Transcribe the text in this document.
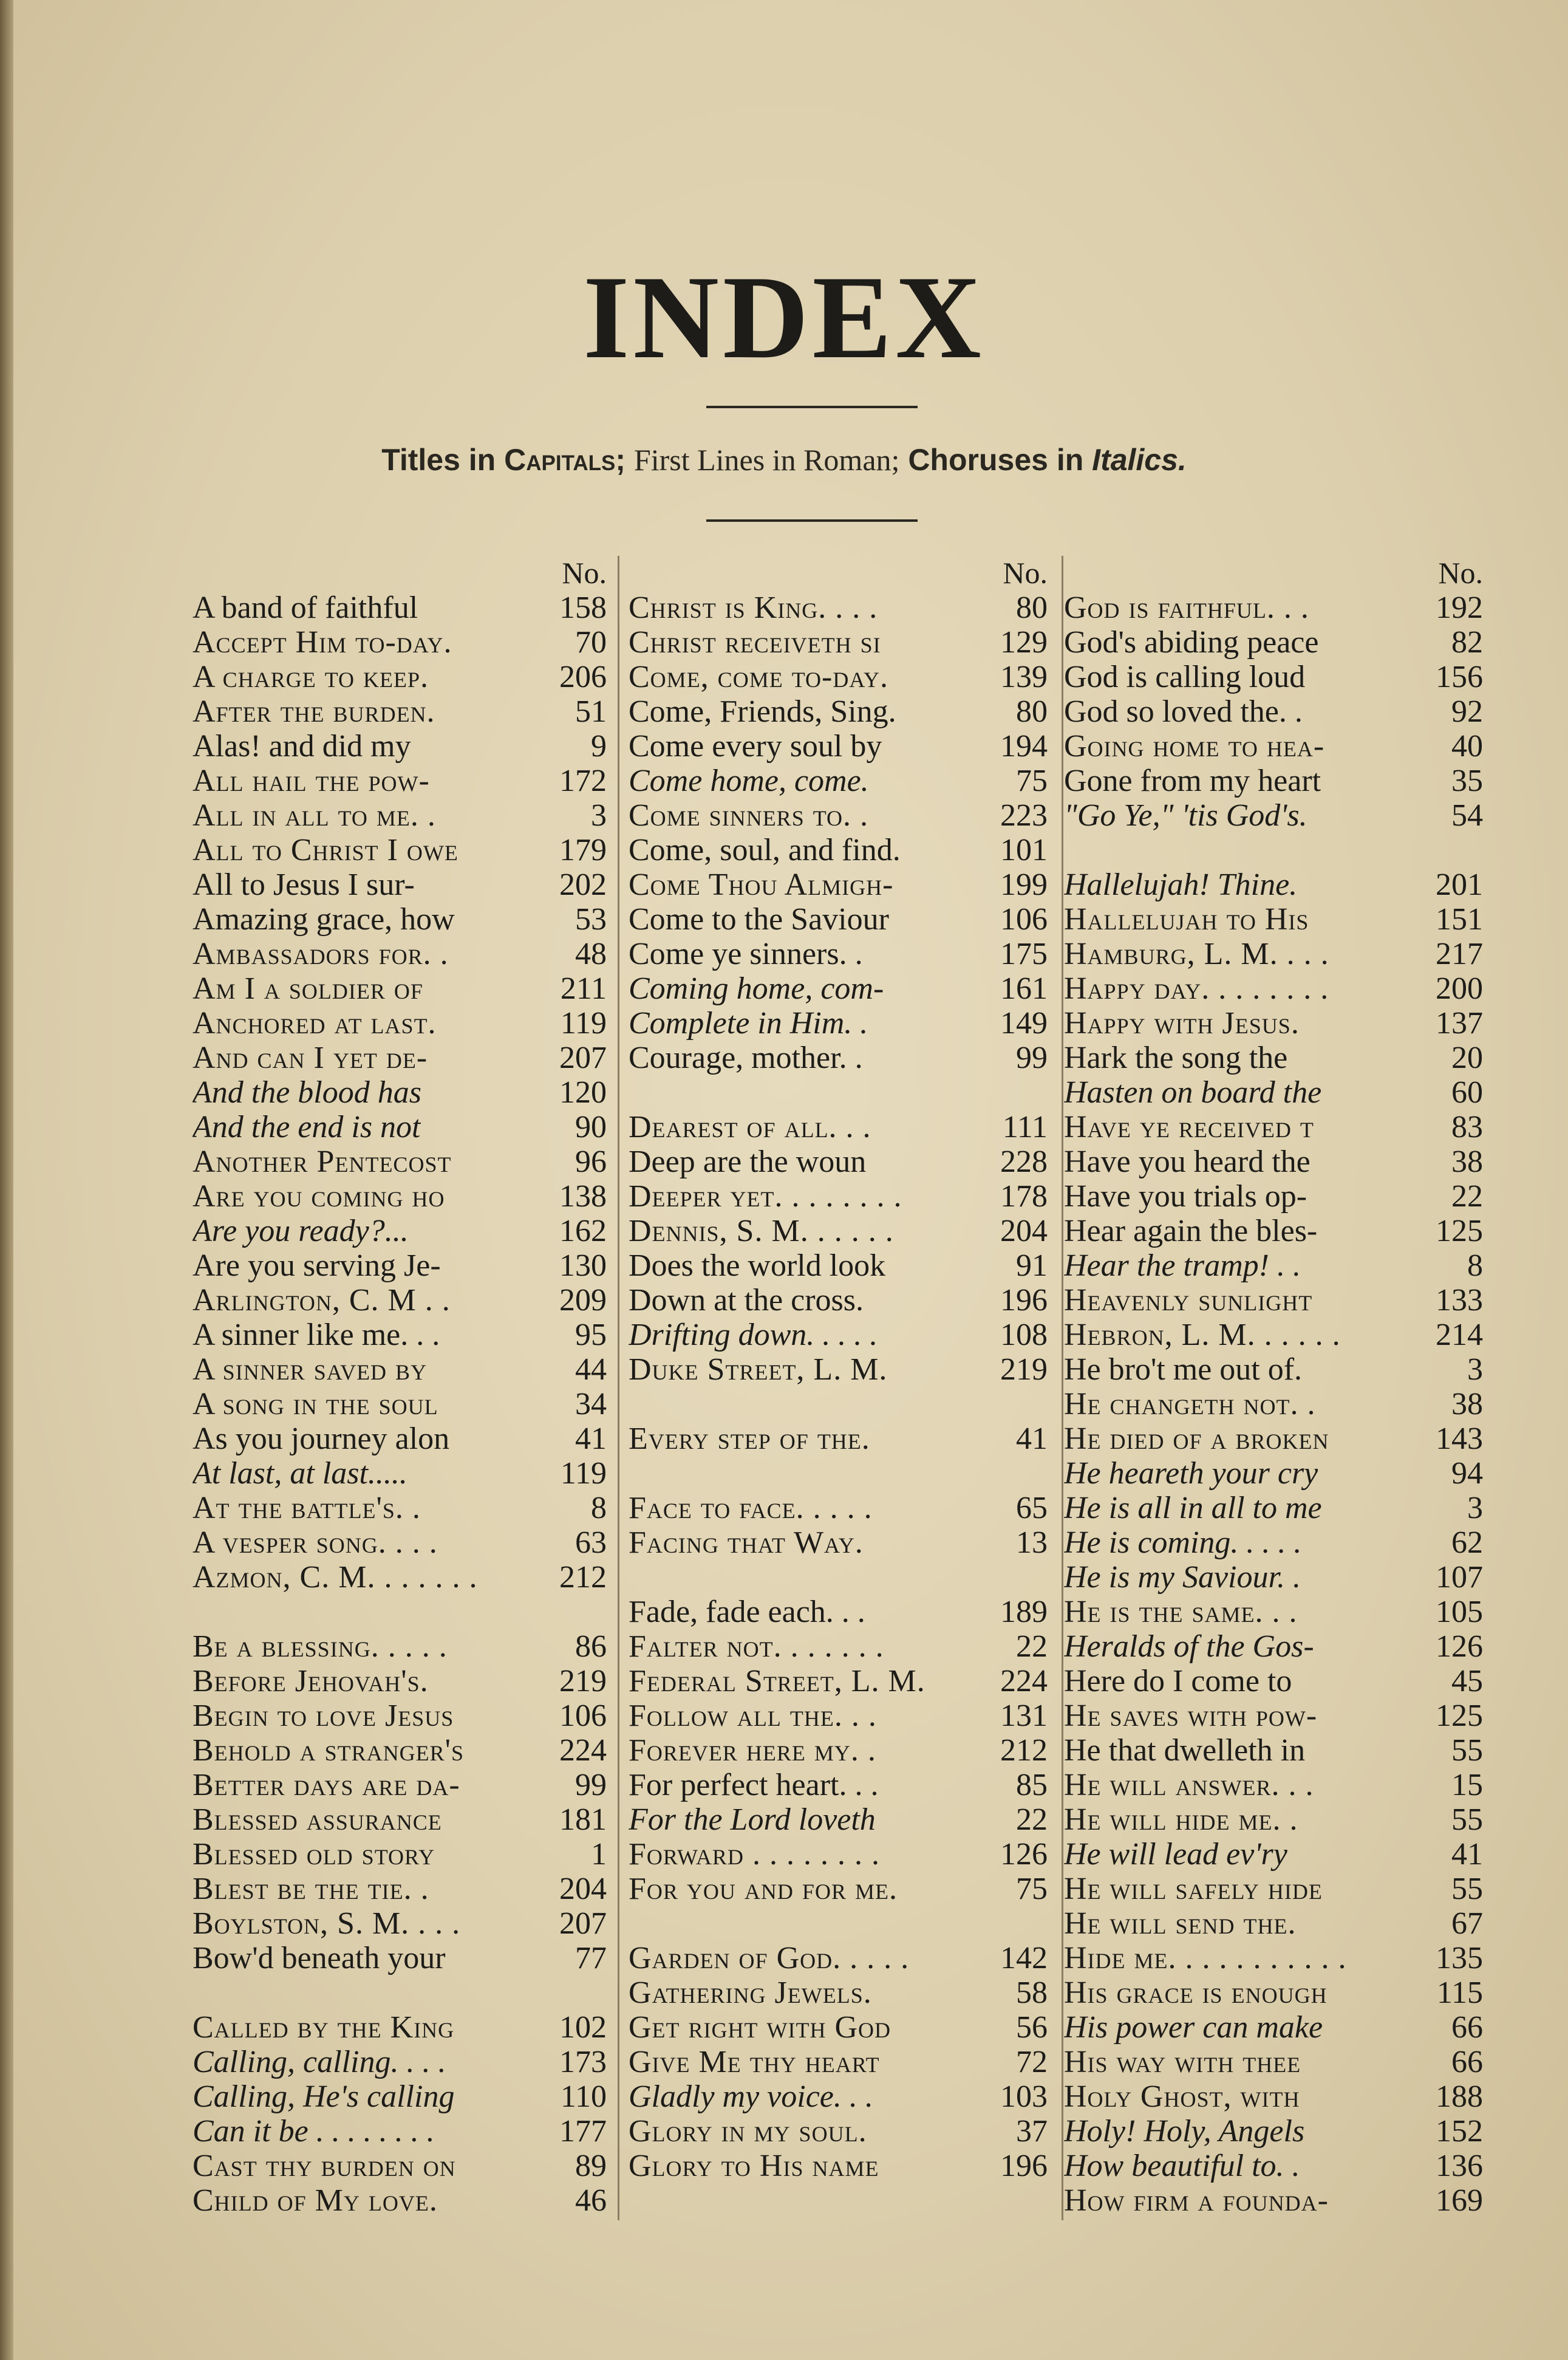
INDEX
Titles in Capitals; First Lines in Roman; Choruses in Italics.
No.
A band of faithful	158
Accept Him to-day.	70
A charge to keep.	206
After the burden.	51
Alas! and did my	9
All hail the pow-	172
All in all to me. .	3
All to Christ I owe	179
All to Jesus I sur-	202
Amazing grace, how	53
Ambassadors for. .	48
Am I a soldier of	211
Anchored at last.	119
And can I yet de-	207
And the blood has	120
And the end is not	90
Another Pentecost	96
Are you coming ho	138
Are you ready?...	162
Are you serving Je-	130
Arlington, C. M . .	209
A sinner like me. . .	95
A sinner saved by	44
A song in the soul	34
As you journey alon	41
At last, at last.....	119
At the battle's. .	8
A vesper song. . . .	63
Azmon, C. M. . . . . . .	212
Be a blessing. . . . .	86
Before Jehovah's.	219
Begin to love Jesus	106
Behold a stranger's	224
Better days are da-	99
Blessed assurance	181
Blessed old story	1
Blest be the tie. .	204
Boylston, S. M. . . .	207
Bow'd beneath your	77
Called by the King	102
Calling, calling. . . .	173
Calling, He's calling	110
Can it be . . . . . . . .	177
Cast thy burden on	89
Child of My love.	46
No.
Christ is King. . . .	80
Christ receiveth si	129
Come, come to-day.	139
Come, Friends, Sing.	80
Come every soul by	194
Come home, come.	75
Come sinners to. .	223
Come, soul, and find.	101
Come Thou Almigh-	199
Come to the Saviour	106
Come ye sinners. .	175
Coming home, com-	161
Complete in Him. .	149
Courage, mother. .	99
Dearest of all. . .	111
Deep are the woun	228
Deeper yet. . . . . . . .	178
Dennis, S. M. . . . . .	204
Does the world look	91
Down at the cross.	196
Drifting down. . . . .	108
Duke Street, L. M.	219
Every step of the.	41
Face to face. . . . .	65
Facing that Way.	13
Fade, fade each. . .	189
Falter not. . . . . . .	22
Federal Street, L. M. 224
Follow all the. . .	131
Forever here my. .	212
For perfect heart. . .	85
For the Lord loveth	22
Forward . . . . . . . .	126
For you and for me.	75
Garden of God. . . . .	142
Gathering Jewels.	58
Get right with God	56
Give Me thy heart	72
Gladly my voice. . .	103
Glory in my soul.	37
Glory to His name	196
No.
God is faithful. . .	192
God's abiding peace	82
God is calling loud	156
God so loved the. .	92
Going home to hea-	40
Gone from my heart	35
"Go Ye," 'tis God's.	54
Hallelujah! Thine.	201
Hallelujah to His	151
Hamburg, L. M. . . .	217
Happy day. . . . . . . .	200
Happy with Jesus.	137
Hark the song the	20
Hasten on board the	60
Have ye received t	83
Have you heard the	38
Have you trials op-	22
Hear again the bles-	125
Hear the tramp! . .	8
Heavenly sunlight	133
Hebron, L. M. . . . . .	214
He bro't me out of.	3
He changeth not. .	38
He died of a broken	143
He heareth your cry	94
He is all in all to me	3
He is coming. . . . .	62
He is my Saviour. .	107
He is the same. . .	105
Heralds of the Gos-	126
Here do I come to	45
He saves with pow-	125
He that dwelleth in	55
He will answer. . .	15
He will hide me. .	55
He will lead ev'ry	41
He will safely hide	55
He will send the.	67
Hide me. . . . . . . . . . .	135
His grace is enough	115
His power can make	66
His way with thee	66
Holy Ghost, with	188
Holy! Holy, Angels	152
How beautiful to. .	136
How firm a founda-	169
